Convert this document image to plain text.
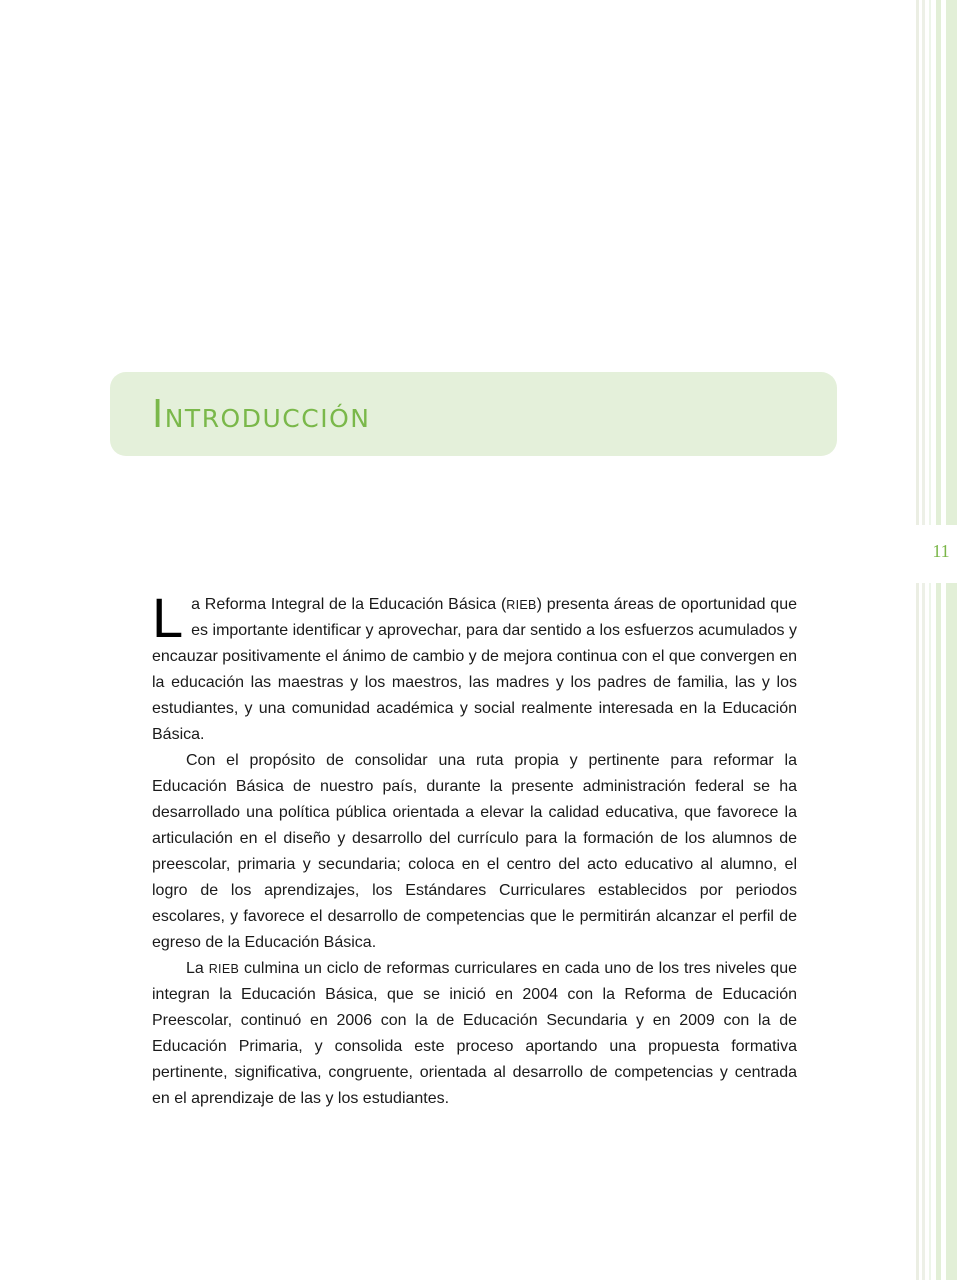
11
INTRODUCCIÓN

La Reforma Integral de la Educación Básica (RIEB) presenta áreas de oportunidad que es importante identificar y aprovechar, para dar sentido a los esfuerzos acumulados y encauzar positivamente el ánimo de cambio y de mejora continua con el que convergen en la educación las maestras y los maestros, las madres y los padres de familia, las y los estudiantes, y una comunidad académica y social realmente interesada en la Educación Básica.

Con el propósito de consolidar una ruta propia y pertinente para reformar la Educación Básica de nuestro país, durante la presente administración federal se ha desarrollado una política pública orientada a elevar la calidad educativa, que favorece la articulación en el diseño y desarrollo del currículo para la formación de los alumnos de preescolar, primaria y secundaria; coloca en el centro del acto educativo al alumno, el logro de los aprendizajes, los Estándares Curriculares establecidos por periodos escolares, y favorece el desarrollo de competencias que le permitirán alcanzar el perfil de egreso de la Educación Básica.

La RIEB culmina un ciclo de reformas curriculares en cada uno de los tres niveles que integran la Educación Básica, que se inició en 2004 con la Reforma de Educación Preescolar, continuó en 2006 con la de Educación Secundaria y en 2009 con la de Educación Primaria, y consolida este proceso aportando una propuesta formativa pertinente, significativa, congruente, orientada al desarrollo de competencias y centrada en el aprendizaje de las y los estudiantes.
